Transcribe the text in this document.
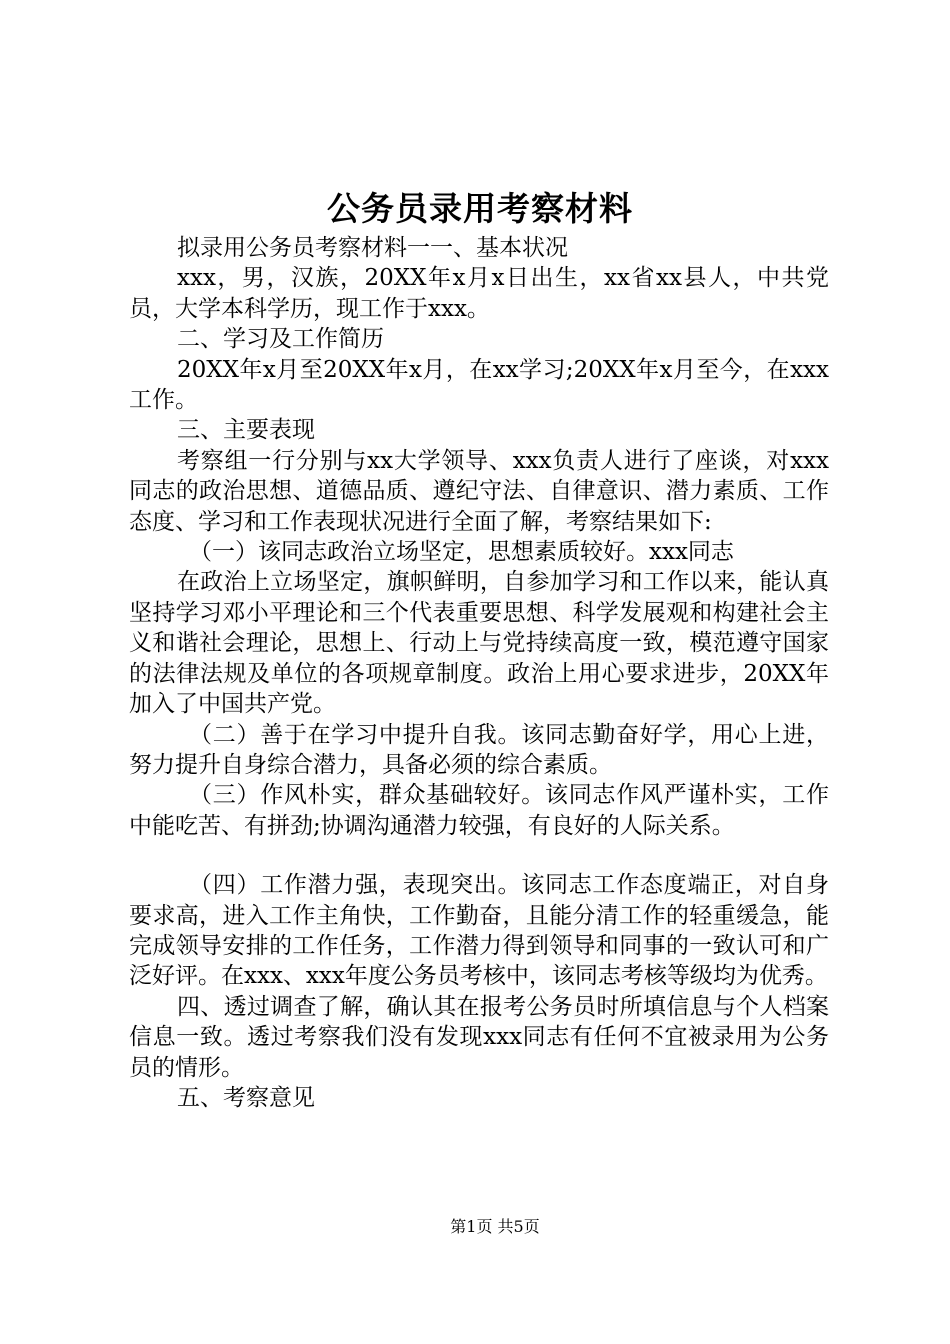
公务员录用考察材料

拟录用公务员考察材料一一、基本状况

xxx，男，汉族，20XX年x月x日出生，xx省xx县人，中共党员，大学本科学历，现工作于xxx。

二、学习及工作简历

20XX年x月至20XX年x月，在xx学习;20XX年x月至今，在xxx工作。

三、主要表现

考察组一行分别与xx大学领导、xxx负责人进行了座谈，对xxx同志的政治思想、道德品质、遵纪守法、自律意识、潜力素质、工作态度、学习和工作表现状况进行全面了解，考察结果如下:

（一）该同志政治立场坚定，思想素质较好。xxx同志

在政治上立场坚定，旗帜鲜明，自参加学习和工作以来，能认真坚持学习邓小平理论和三个代表重要思想、科学发展观和构建社会主义和谐社会理论，思想上、行动上与党持续高度一致，模范遵守国家的法律法规及单位的各项规章制度。政治上用心要求进步，20XX年加入了中国共产党。

（二）善于在学习中提升自我。该同志勤奋好学，用心上进，努力提升自身综合潜力，具备必须的综合素质。

（三）作风朴实，群众基础较好。该同志作风严谨朴实，工作中能吃苦、有拼劲;协调沟通潜力较强，有良好的人际关系。

（四）工作潜力强，表现突出。该同志工作态度端正，对自身要求高，进入工作主角快，工作勤奋，且能分清工作的轻重缓急，能完成领导安排的工作任务，工作潜力得到领导和同事的一致认可和广泛好评。在xxx、xxx年度公务员考核中，该同志考核等级均为优秀。

四、透过调查了解，确认其在报考公务员时所填信息与个人档案信息一致。透过考察我们没有发现xxx同志有任何不宜被录用为公务员的情形。

五、考察意见

第1页 共5页
